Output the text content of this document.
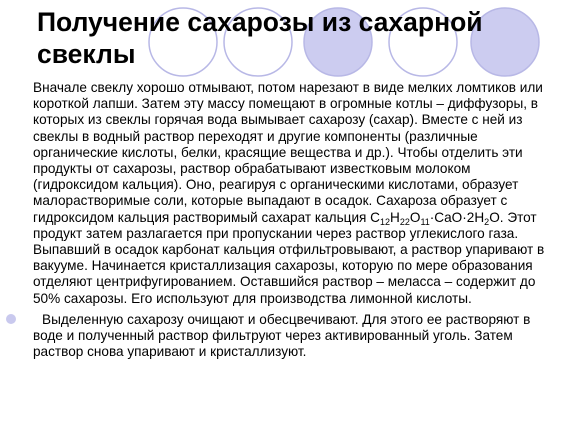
Получение сахарозы из сахарной свеклы

Вначале свеклу хорошо отмывают, потом нарезают в виде мелких ломтиков или короткой лапши. Затем эту массу помещают в огромные котлы – диффузоры, в которых из свеклы горячая вода вымывает сахарозу (сахар). Вместе с ней из свеклы в водный раствор переходят и другие компоненты (различные органические кислоты, белки, красящие вещества и др.). Чтобы отделить эти продукты от сахарозы, раствор обрабатывают известковым молоком (гидроксидом кальция). Оно, реагируя с органическими кислотами, образует малорастворимые соли, которые выпадают в осадок. Сахароза образует с гидроксидом кальция растворимый сахарат кальция $C_{12}H_{22}O_{11}\cdot CaO\cdot 2H_2O$. Этот продукт затем разлагается при пропускании через раствор углекислого газа. Выпавший в осадок карбонат кальция отфильтровывают, а раствор упаривают в вакууме. Начинается кристаллизация сахарозы, которую по мере образования отделяют центрифугированием. Оставшийся раствор – меласса – содержит до 50% сахарозы. Его используют для производства лимонной кислоты.

Выделенную сахарозу очищают и обесцвечивают. Для этого ее растворяют в воде и полученный раствор фильтруют через активированный уголь. Затем раствор снова упаривают и кристаллизуют.
